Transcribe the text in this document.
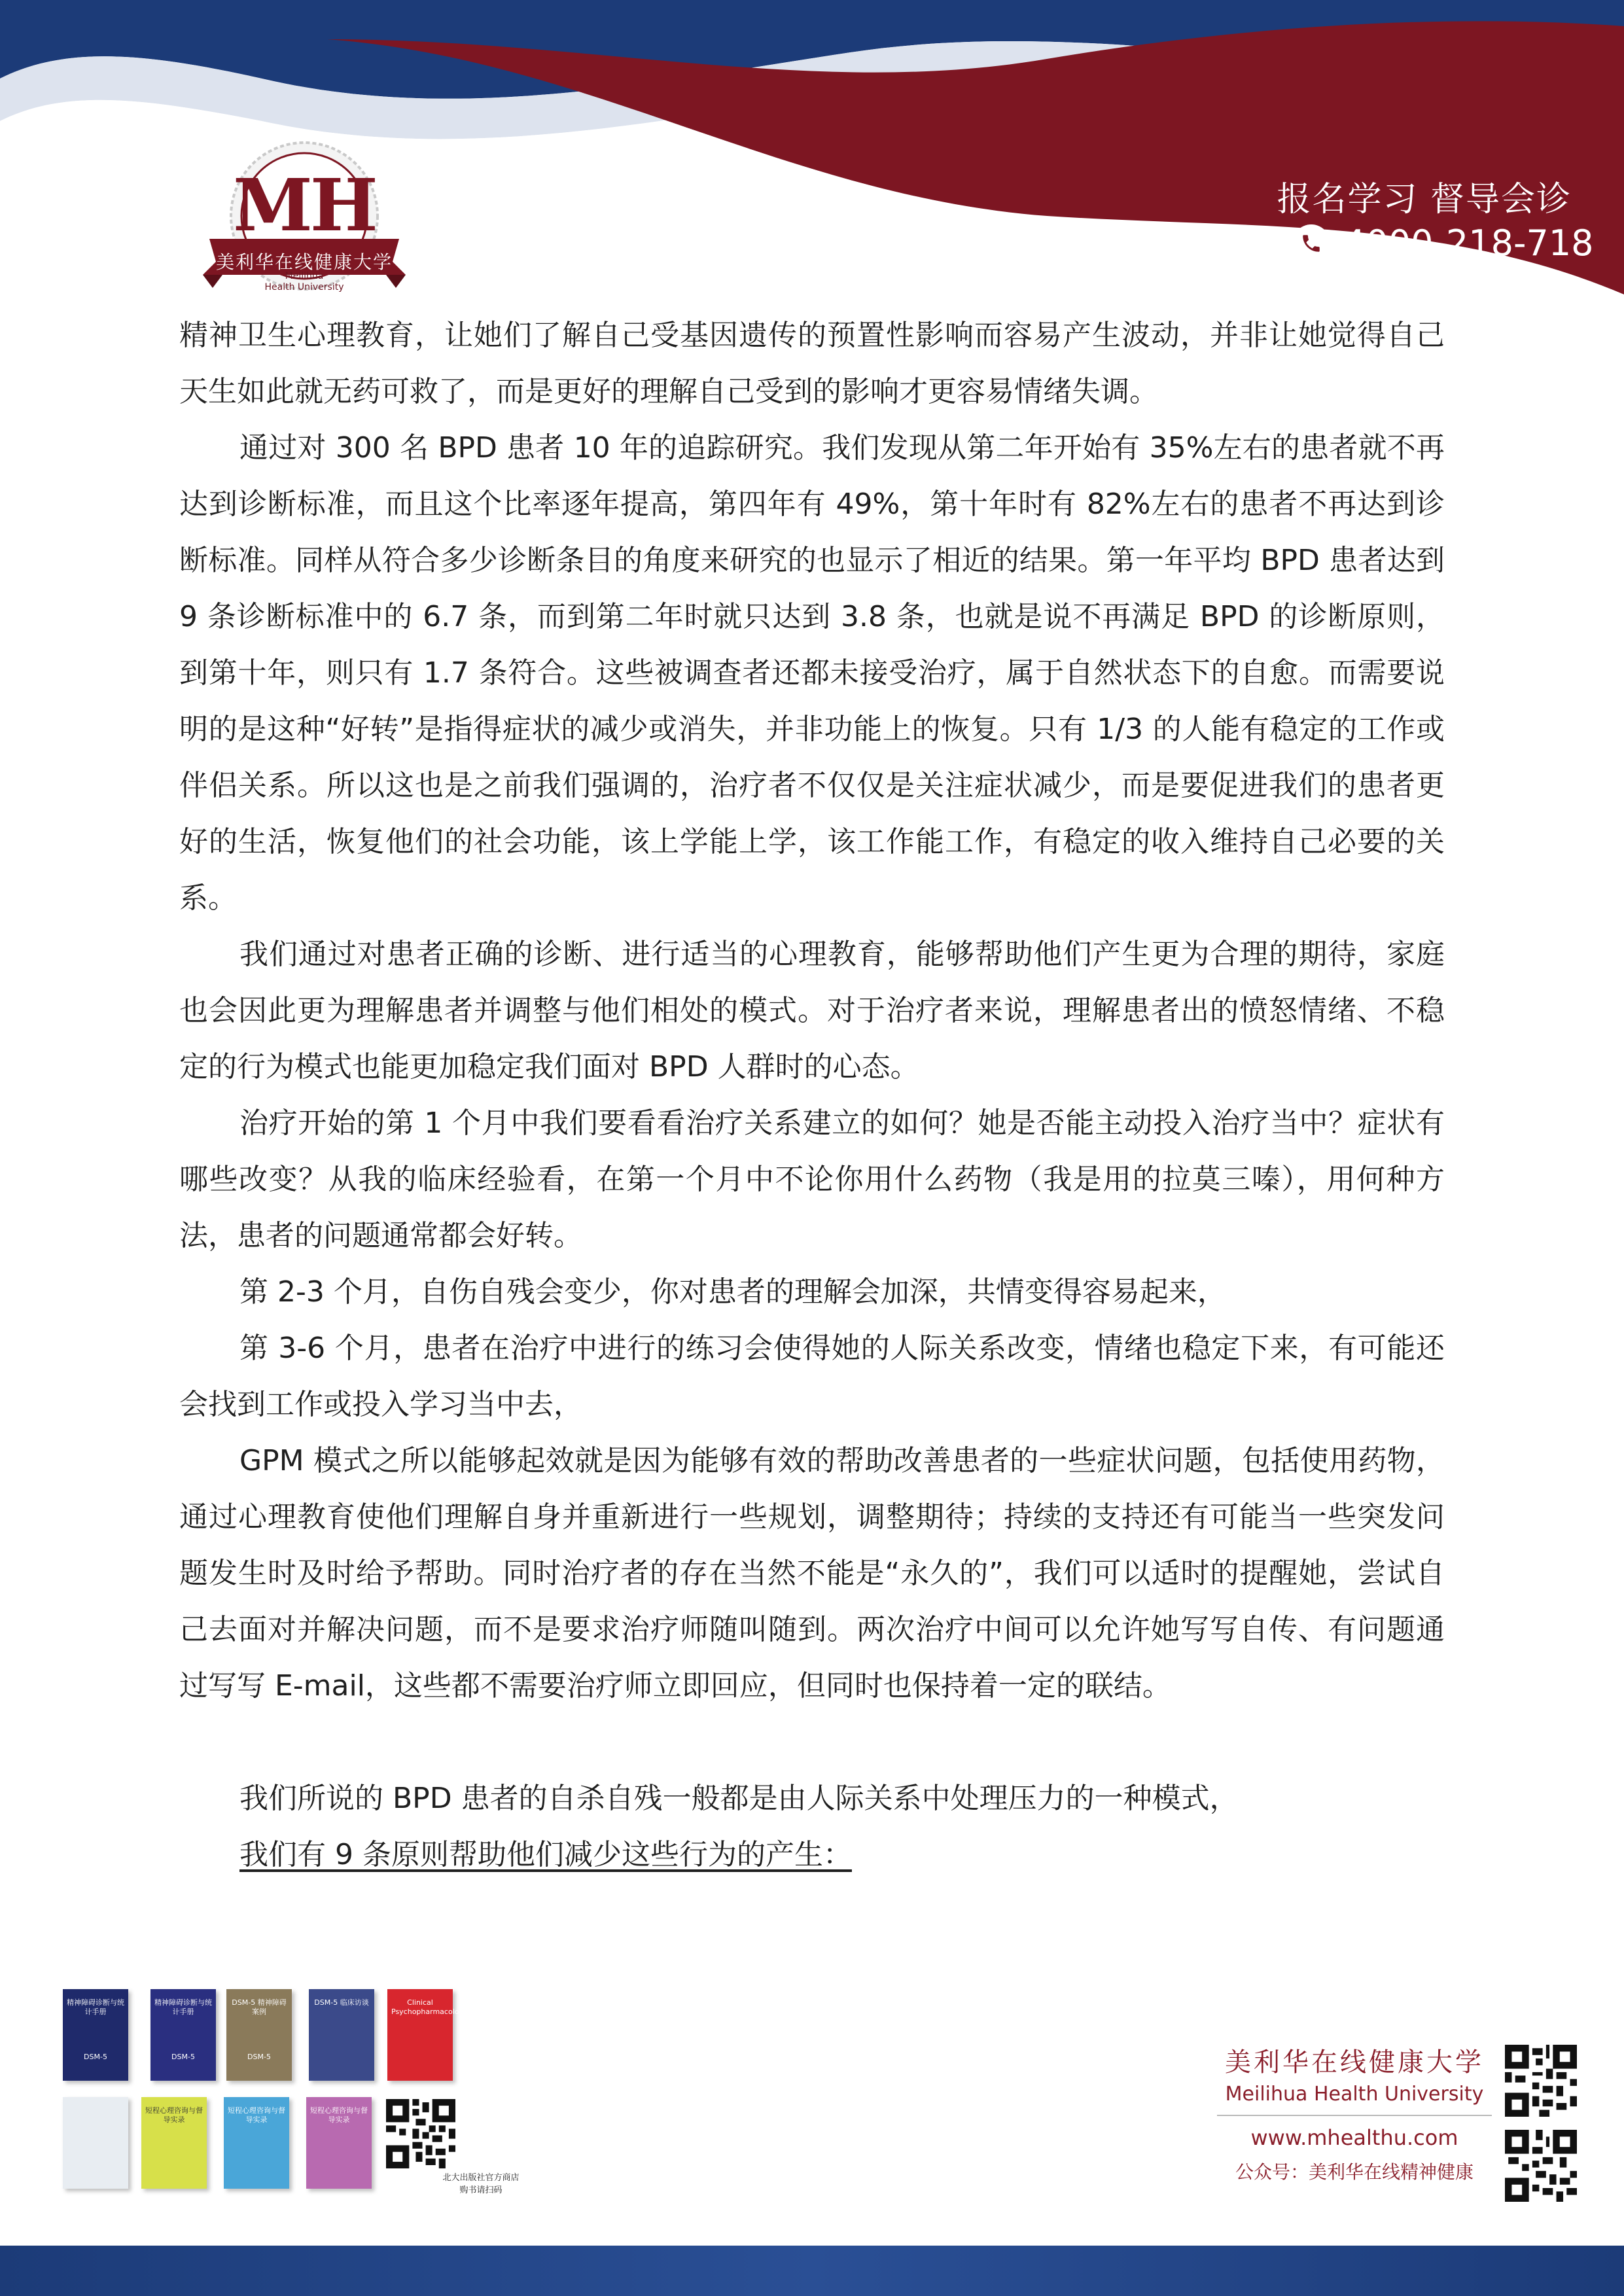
MH
美利华在线健康大学
Meilihua
Health University
报名学习 督导会诊
4000-218-718

精神卫生心理教育，让她们了解自己受基因遗传的预置性影响而容易产生波动，并非让她觉得自己天生如此就无药可救了，而是更好的理解自己受到的影响才更容易情绪失调。

通过对 300 名 BPD 患者 10 年的追踪研究。我们发现从第二年开始有 35%左右的患者就不再达到诊断标准，而且这个比率逐年提高，第四年有 49%，第十年时有 82%左右的患者不再达到诊断标准。同样从符合多少诊断条目的角度来研究的也显示了相近的结果。第一年平均 BPD 患者达到 9 条诊断标准中的 6.7 条，而到第二年时就只达到 3.8 条，也就是说不再满足 BPD 的诊断原则，到第十年，则只有 1.7 条符合。这些被调查者还都未接受治疗，属于自然状态下的自愈。而需要说明的是这种“好转”是指得症状的减少或消失，并非功能上的恢复。只有 1/3 的人能有稳定的工作或伴侣关系。所以这也是之前我们强调的，治疗者不仅仅是关注症状减少，而是要促进我们的患者更好的生活，恢复他们的社会功能，该上学能上学，该工作能工作，有稳定的收入维持自己必要的关系。

我们通过对患者正确的诊断、进行适当的心理教育，能够帮助他们产生更为合理的期待，家庭也会因此更为理解患者并调整与他们相处的模式。对于治疗者来说，理解患者出的愤怒情绪、不稳定的行为模式也能更加稳定我们面对 BPD 人群时的心态。

治疗开始的第 1 个月中我们要看看治疗关系建立的如何？她是否能主动投入治疗当中？症状有哪些改变？从我的临床经验看，在第一个月中不论你用什么药物（我是用的拉莫三嗪），用何种方法，患者的问题通常都会好转。

第 2-3 个月，自伤自残会变少，你对患者的理解会加深，共情变得容易起来，

第 3-6 个月，患者在治疗中进行的练习会使得她的人际关系改变，情绪也稳定下来，有可能还会找到工作或投入学习当中去，

GPM 模式之所以能够起效就是因为能够有效的帮助改善患者的一些症状问题，包括使用药物，通过心理教育使他们理解自身并重新进行一些规划，调整期待；持续的支持还有可能当一些突发问题发生时及时给予帮助。同时治疗者的存在当然不能是“永久的”，我们可以适时的提醒她，尝试自己去面对并解决问题，而不是要求治疗师随叫随到。两次治疗中间可以允许她写写自传、有问题通过写写 E-mail，这些都不需要治疗师立即回应，但同时也保持着一定的联结。

我们所说的 BPD 患者的自杀自残一般都是由人际关系中处理压力的一种模式，

我们有 9 条原则帮助他们减少这些行为的产生：

精神障碍诊断与统计手册
DSM-5
精神障碍诊断与统计手册
DSM-5
DSM-5 精神障碍案例
DSM-5
DSM-5 临床访谈	Clinical Psychopharmacology
短程心理咨询与督导实录
短程心理咨询与督导实录
短程心理咨询与督导实录
北大出版社官方商店
购书请扫码
美利华在线健康大学
Meilihua Health University
www.mhealthu.com
公众号：美利华在线精神健康
